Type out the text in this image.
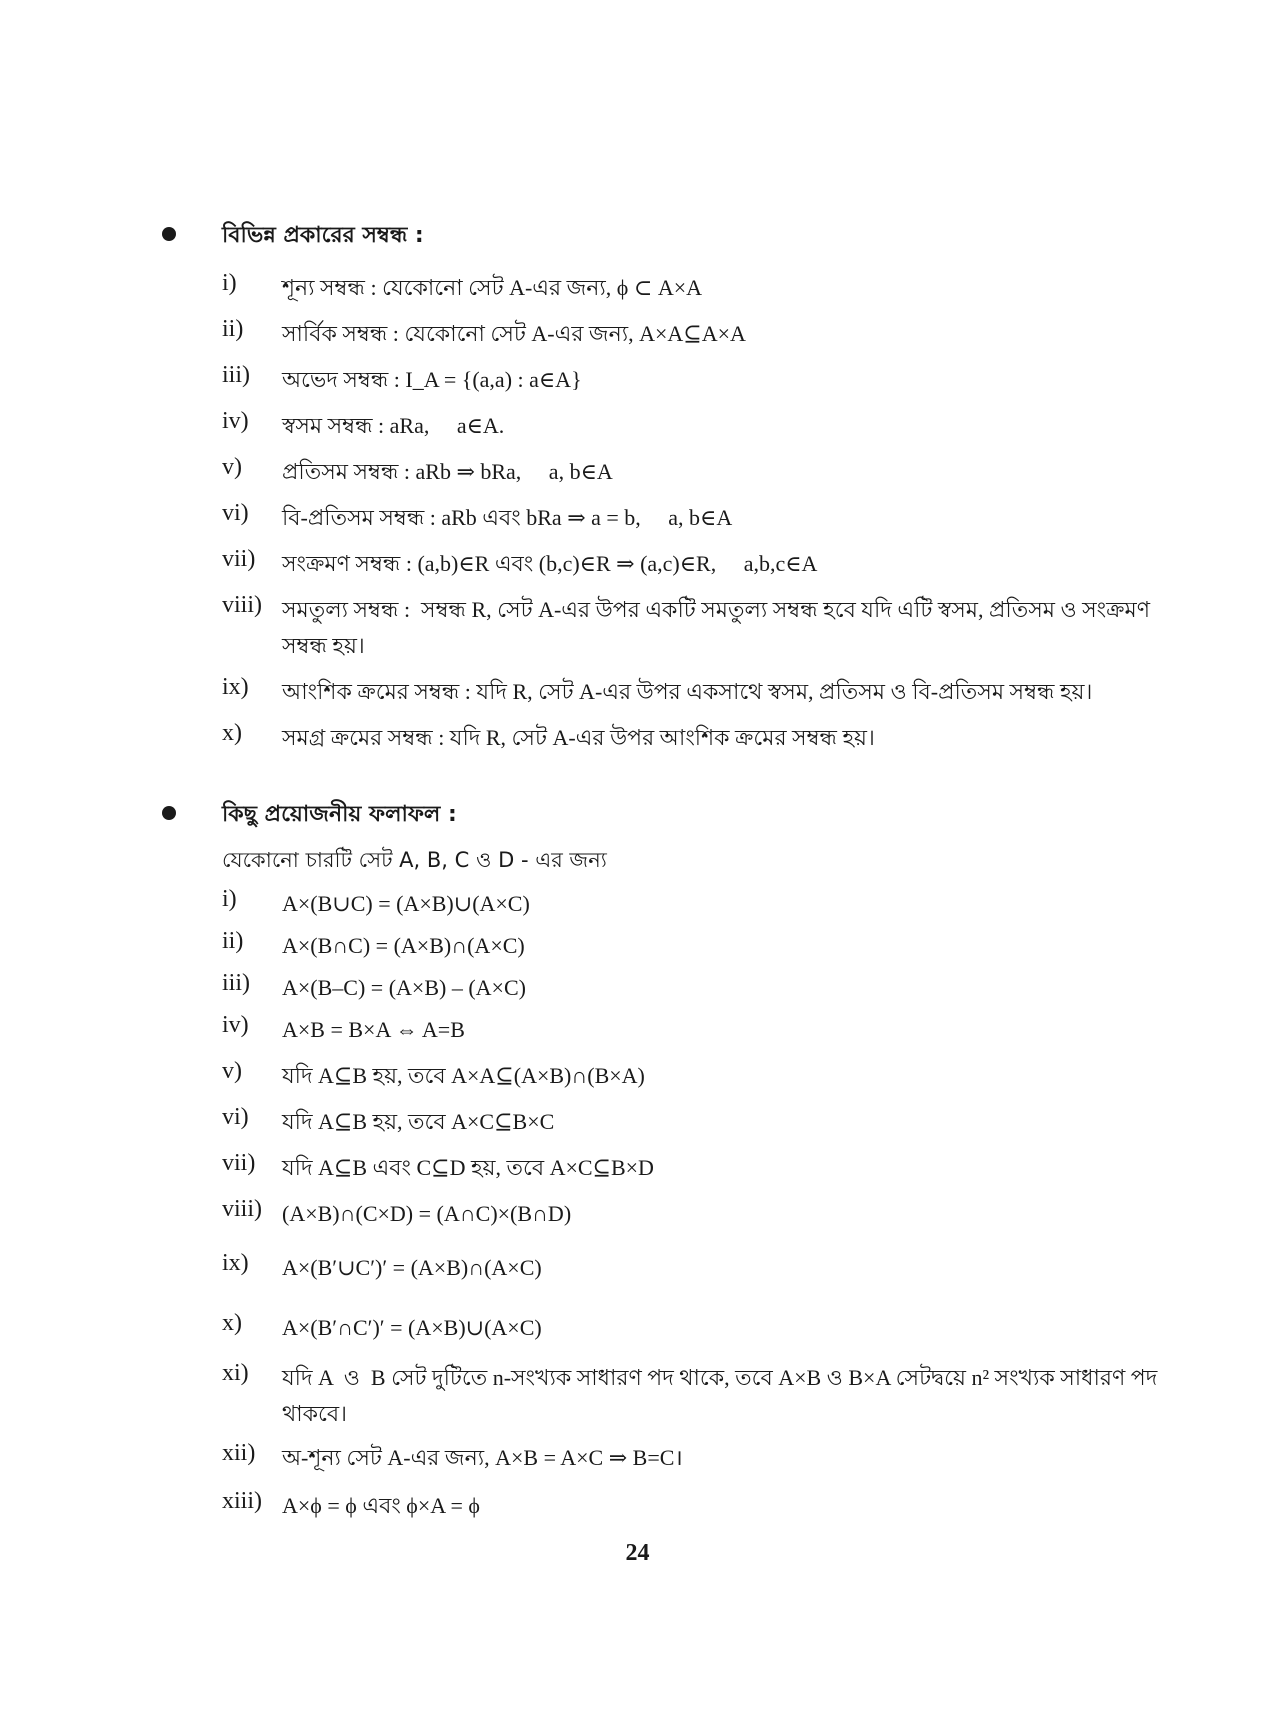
বিভিন্ন প্রকারের সম্বন্ধ :
i) শূন্য সম্বন্ধ : যেকোনো সেট A-এর জন্য, ϕ ⊂ A×A
ii) সার্বিক সম্বন্ধ : যেকোনো সেট A-এর জন্য, A×A⊆A×A
iii) অভেদ সম্বন্ধ : I_A = {(a,a) : a∈A}
iv) স্বসম সম্বন্ধ : aRa,     a∈A.
v) প্রতিসম সম্বন্ধ : aRb ⇒ bRa,     a, b∈A
vi) বি-প্রতিসম সম্বন্ধ : aRb এবং bRa ⇒ a = b,     a, b∈A
vii) সংক্রমণ সম্বন্ধ : (a,b)∈R এবং (b,c)∈R ⇒ (a,c)∈R,     a,b,c∈A
viii) সমতুল্য সম্বন্ধ :  সম্বন্ধ R, সেট A-এর উপর একটি সমতুল্য সম্বন্ধ হবে যদি এটি স্বসম, প্রতিসম ও সংক্রমণ সম্বন্ধ হয়।
ix) আংশিক ক্রমের সম্বন্ধ : যদি R, সেট A-এর উপর একসাথে স্বসম, প্রতিসম ও বি-প্রতিসম সম্বন্ধ হয়।
x) সমগ্র ক্রমের সম্বন্ধ : যদি R, সেট A-এর উপর আংশিক ক্রমের সম্বন্ধ হয়।
কিছু প্রয়োজনীয় ফলাফল :
যেকোনো চারটি সেট A, B, C ও D - এর জন্য
i) A×(B∪C) = (A×B)∪(A×C)
ii) A×(B∩C) = (A×B)∩(A×C)
iii) A×(B–C) = (A×B) – (A×C)
iv) A×B = B×A ⇔ A=B
v) যদি A⊆B হয়, তবে A×A⊆(A×B)∩(B×A)
vi) যদি A⊆B হয়, তবে A×C⊆B×C
vii) যদি A⊆B এবং C⊆D হয়, তবে A×C⊆B×D
viii) (A×B)∩(C×D) = (A∩C)×(B∩D)
ix) A×(B′∪C′)′ = (A×B)∩(A×C)
x) A×(B′∩C′)′ = (A×B)∪(A×C)
xi) যদি A  ও  B সেট দুটিতে n-সংখ্যক সাধারণ পদ থাকে, তবে A×B ও B×A সেটদ্বয়ে n² সংখ্যক সাধারণ পদ থাকবে।
xii) অ-শূন্য সেট A-এর জন্য, A×B = A×C ⇒ B=C।
xiii) A×ϕ = ϕ এবং ϕ×A = ϕ
24
